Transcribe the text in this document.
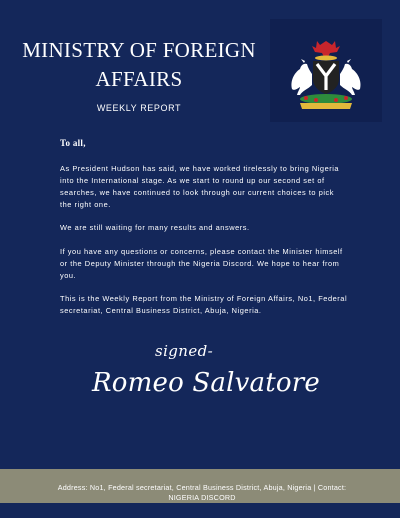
MINISTRY OF FOREIGN
AFFAIRS
WEEKLY REPORT

To all,

As President Hudson has said, we have worked tirelessly to bring Nigeria into the International stage. As we start to round up our second set of searches, we have continued to look through our current choices to pick the right one.

We are still waiting for many results and answers.

If you have any questions or concerns, please contact the Minister himself or the Deputy Minister through the Nigeria Discord. We hope to hear from you.

This is the Weekly Report from the Ministry of Foreign Affairs, No1, Federal secretariat, Central Business District, Abuja, Nigeria.

signed-
Romeo Salvatore
Address: No1, Federal secretariat, Central Business District, Abuja, Nigeria | Contact: NIGERIA DISCORD
